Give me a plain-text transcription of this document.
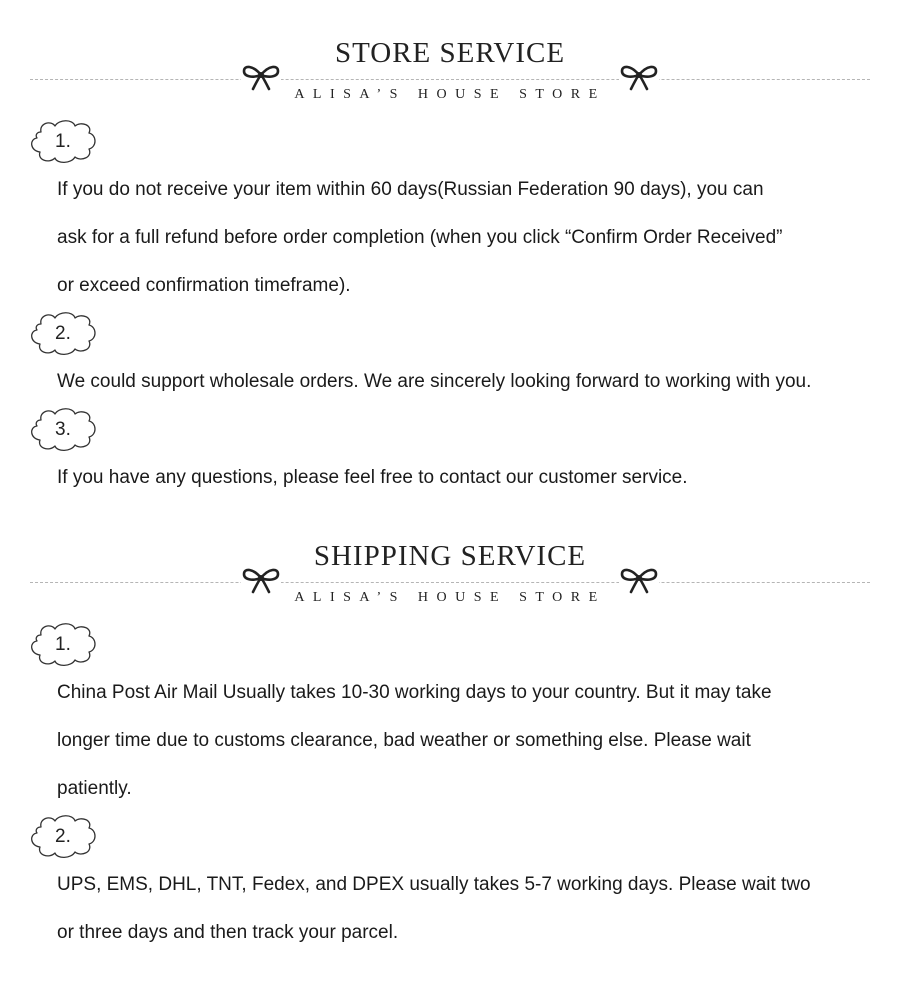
STORE SERVICE
ALISA’S HOUSE STORE
1.
If you do not receive your item within 60 days(Russian Federation 90 days), you can
ask for a full refund before order completion (when you click “Confirm Order Received”
or exceed confirmation timeframe).
2.
We could support wholesale orders. We are sincerely looking forward to working with you.
3.
If you have any questions, please feel free to contact our customer service.
SHIPPING SERVICE
ALISA’S HOUSE STORE
1.
China Post Air Mail Usually takes 10-30 working days to your country. But it may take
longer time due to customs clearance, bad weather or something else. Please wait
patiently.
2.
UPS, EMS, DHL, TNT, Fedex, and DPEX usually takes 5-7 working days. Please wait two
or three days and then track your parcel.
